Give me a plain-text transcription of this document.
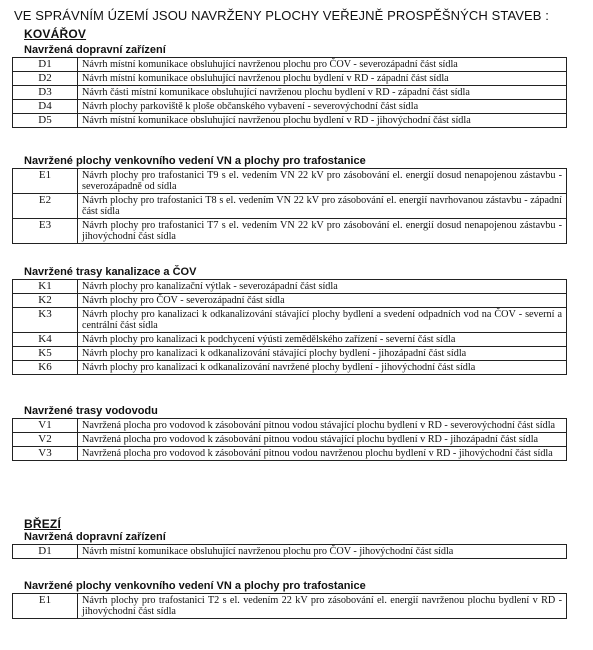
VE SPRÁVNÍM ÚZEMÍ JSOU NAVRŽENY PLOCHY VEŘEJNĚ PROSPĚŠNÝCH STAVEB :
KOVÁŘOV
Navržená dopravní zařízení
D1	Návrh místní komunikace obsluhující navrženou plochu pro ČOV - severozápadní část sídla
D2	Návrh místní komunikace obsluhující navrženou plochu bydlení v RD - západní část sídla
D3	Návrh části místní komunikace obsluhující navrženou plochu bydlení v RD - západní část sídla
D4	Návrh plochy parkoviště k ploše občanského vybavení - severovýchodní část sídla
D5	Návrh místní komunikace obsluhující navrženou plochu bydlení v RD - jihovýchodní část sídla
Navržené plochy venkovního vedení VN a plochy pro trafostanice
E1	Návrh plochy pro trafostanici T9 s el. vedením VN 22 kV pro zásobování el. energií dosud nenapojenou zástavbu - severozápadně od sídla
E2	Návrh plochy pro trafostanici T8 s el. vedením VN 22 kV pro zásobování el. energií navrhovanou zástavbu - západní část sídla
E3	Návrh plochy pro trafostanici T7 s el. vedením VN 22 kV pro zásobování el. energií dosud nenapojenou zástavbu - jihovýchodní část sídla
Navržené trasy kanalizace a ČOV
K1	Návrh plochy pro kanalizační výtlak - severozápadní část sídla
K2	Návrh plochy pro ČOV - severozápadní část sídla
K3	Návrh plochy pro kanalizaci k odkanalizování stávající plochy bydlení a svedení odpadních vod na ČOV - severní a centrální část sídla
K4	Návrh plochy pro kanalizaci k podchycení výústi zemědělského zařízení - severní část sídla
K5	Návrh plochy pro kanalizaci k odkanalizování stávající plochy bydlení - jihozápadní část sídla
K6	Návrh plochy pro kanalizaci k odkanalizování navržené plochy bydlení - jihovýchodní část sídla
Navržené trasy vodovodu
V1	Navržená plocha pro vodovod k zásobování pitnou vodou stávající plochu bydlení v RD - severovýchodní část sídla
V2	Navržená plocha pro vodovod k zásobování pitnou vodou stávající plochu bydlení v RD - jihozápadní část sídla
V3	Navržená plocha pro vodovod k zásobování pitnou vodou navrženou plochu bydlení v RD - jihovýchodní část sídla
BŘEZÍ
Navržená dopravní zařízení
D1	Návrh místní komunikace obsluhující navrženou plochu pro ČOV - jihovýchodní část sídla
Navržené plochy venkovního vedení VN a plochy pro trafostanice
E1	Návrh plochy pro trafostanici T2 s el. vedením 22 kV pro zásobování el. energií navrženou plochu bydlení v RD - jihovýchodní část sídla
